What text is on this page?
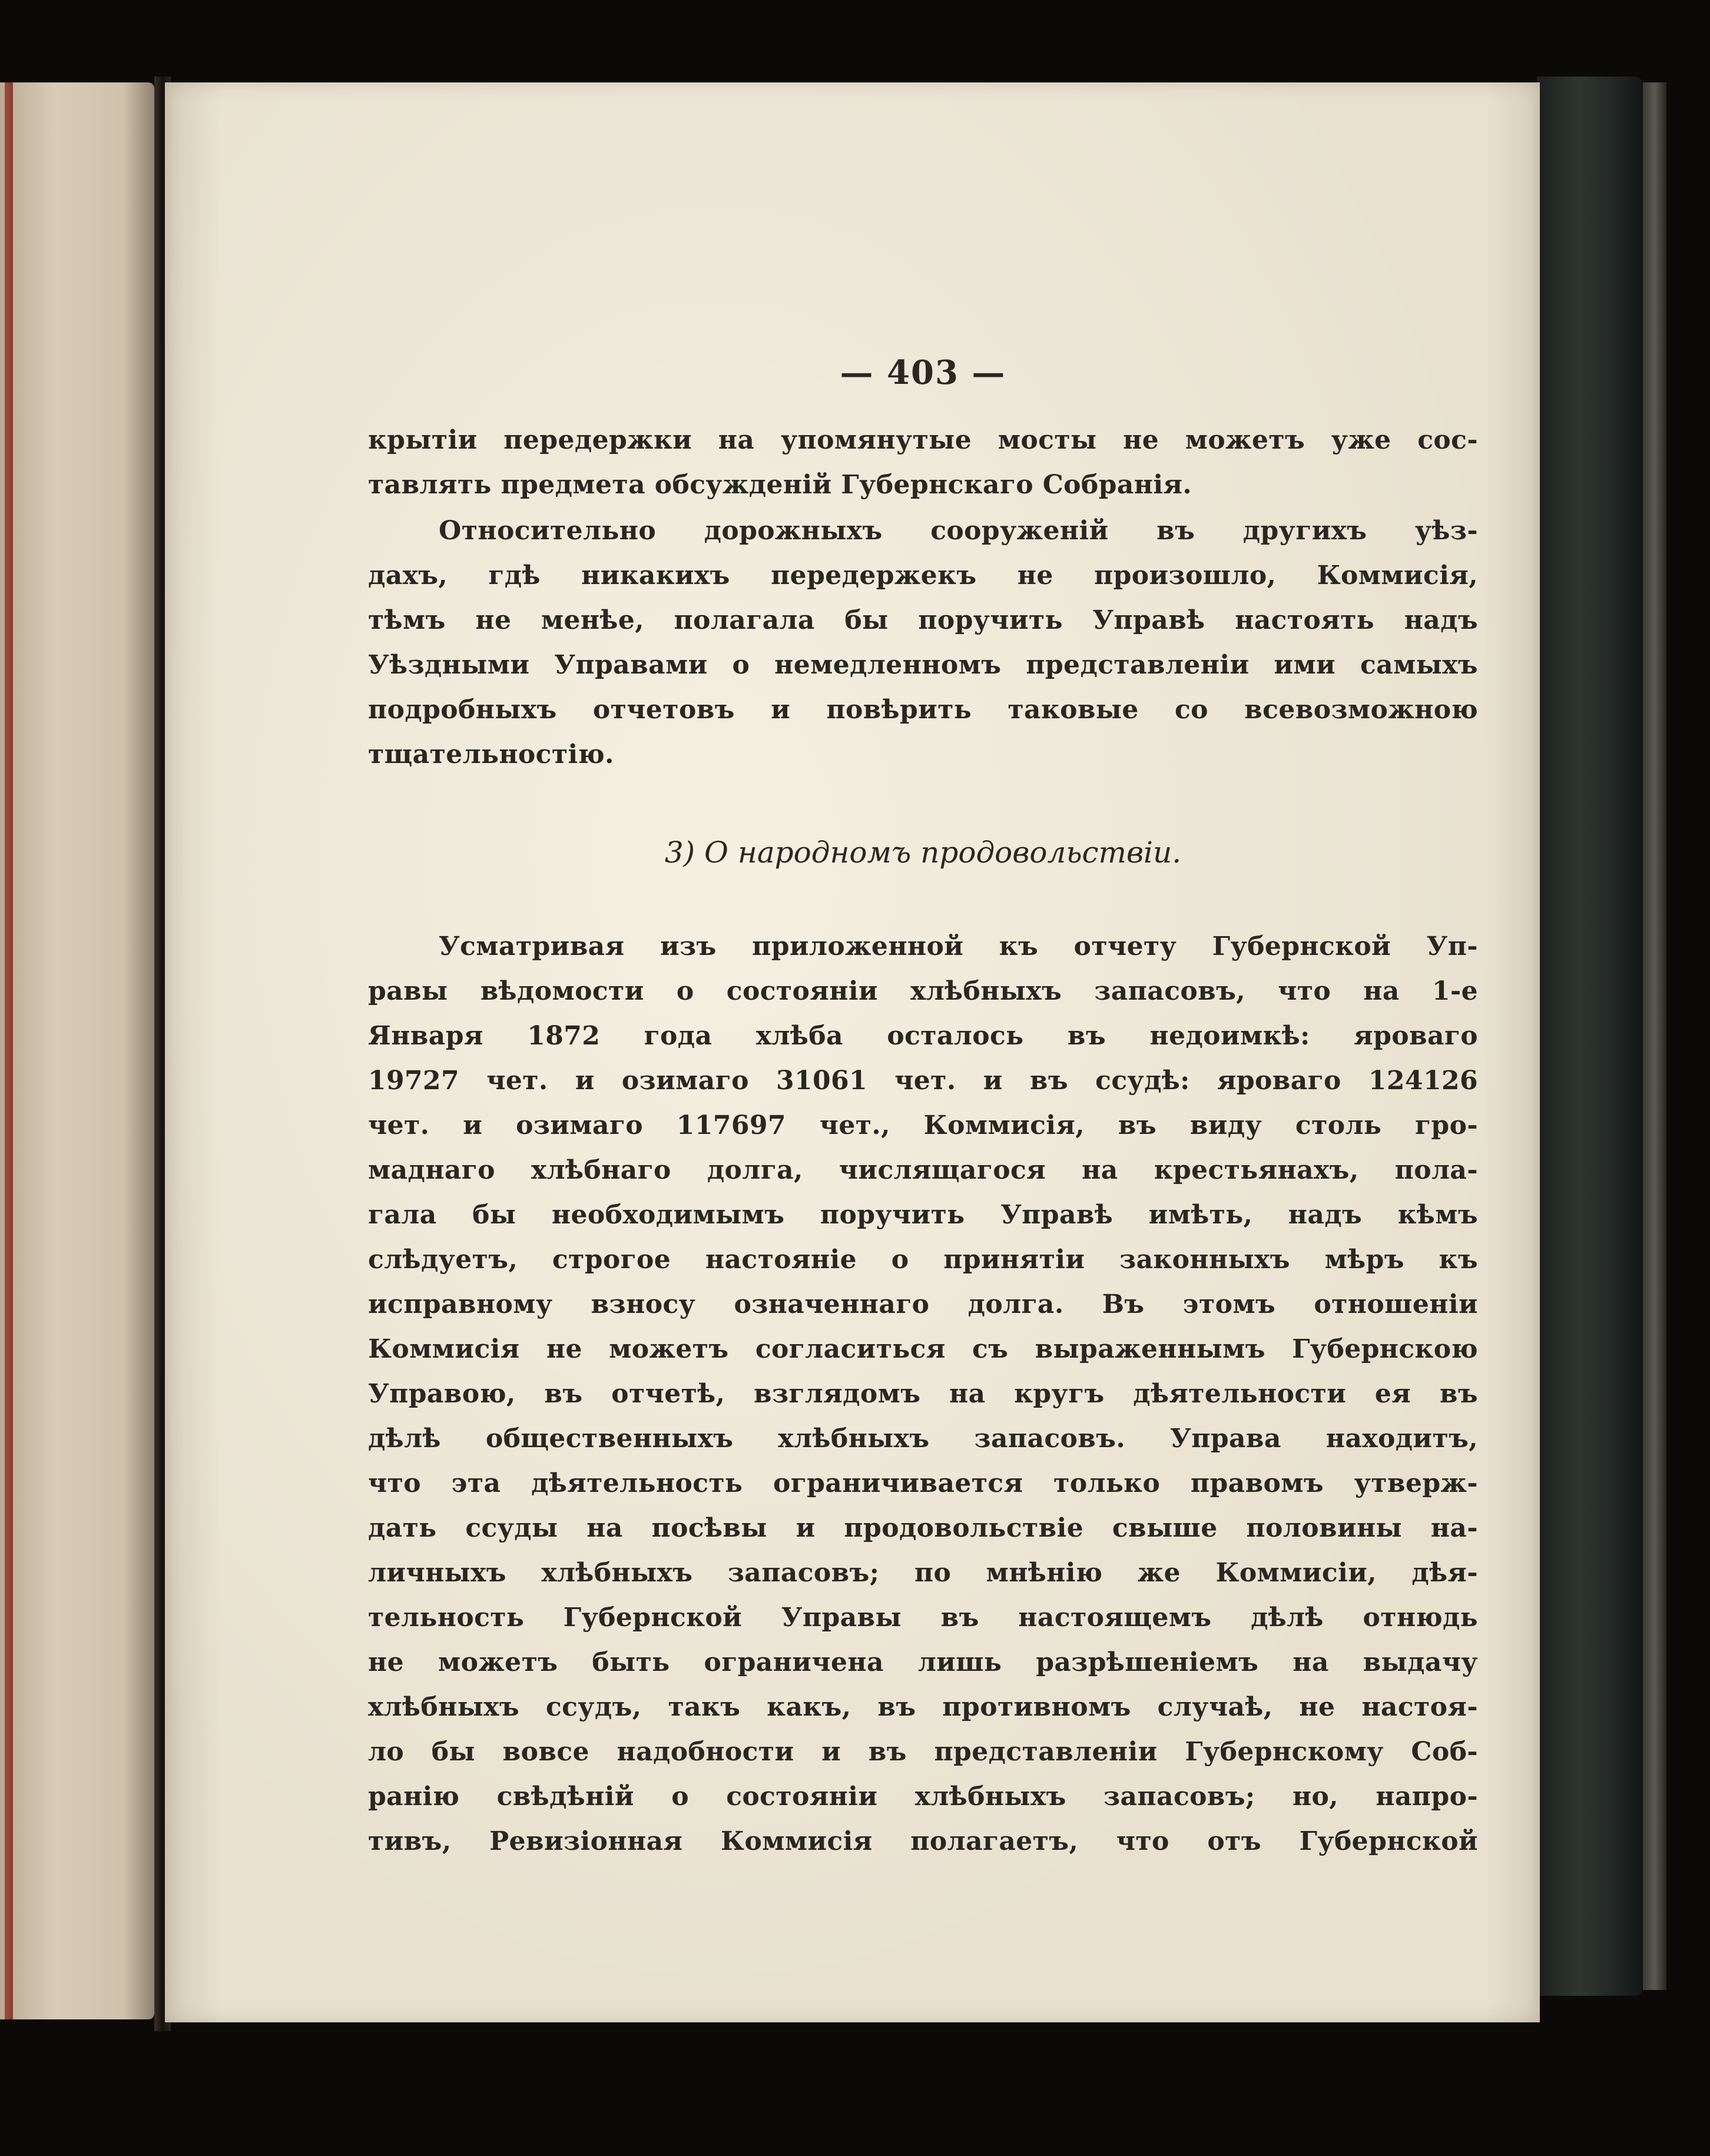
— 403 —
крытіи передержки на упомянутые мосты не можетъ уже сос-
тавлять предмета обсужденій Губернскаго Собранія.
Относительно дорожныхъ сооруженій въ другихъ уѣз-
дахъ, гдѣ никакихъ передержекъ не произошло, Коммисія,
тѣмъ не менѣе, полагала бы поручить Управѣ настоять надъ
Уѣздными Управами о немедленномъ представленіи ими самыхъ
подробныхъ отчетовъ и повѣрить таковые со всевозможною
тщательностію.
3) О народномъ продовольствіи.
Усматривая изъ приложенной къ отчету Губернской Уп-
равы вѣдомости о состояніи хлѣбныхъ запасовъ, что на 1-е
Января 1872 года хлѣба осталось въ недоимкѣ: яроваго
19727 чет. и озимаго 31061 чет. и въ ссудѣ: яроваго 124126
чет. и озимаго 117697 чет., Коммисія, въ виду столь гро-
маднаго хлѣбнаго долга, числящагося на крестьянахъ, пола-
гала бы необходимымъ поручить Управѣ имѣть, надъ кѣмъ
слѣдуетъ, строгое настояніе о принятіи законныхъ мѣръ къ
исправному взносу означеннаго долга. Въ этомъ отношеніи
Коммисія не можетъ согласиться съ выраженнымъ Губернскою
Управою, въ отчетѣ, взглядомъ на кругъ дѣятельности ея въ
дѣлѣ общественныхъ хлѣбныхъ запасовъ. Управа находитъ,
что эта дѣятельность ограничивается только правомъ утверж-
дать ссуды на посѣвы и продовольствіе свыше половины на-
личныхъ хлѣбныхъ запасовъ; по мнѣнію же Коммисіи, дѣя-
тельность Губернской Управы въ настоящемъ дѣлѣ отнюдь
не можетъ быть ограничена лишь разрѣшеніемъ на выдачу
хлѣбныхъ ссудъ, такъ какъ, въ противномъ случаѣ, не настоя-
ло бы вовсе надобности и въ представленіи Губернскому Соб-
ранію свѣдѣній о состояніи хлѣбныхъ запасовъ; но, напро-
тивъ, Ревизіонная Коммисія полагаетъ, что отъ Губернской
